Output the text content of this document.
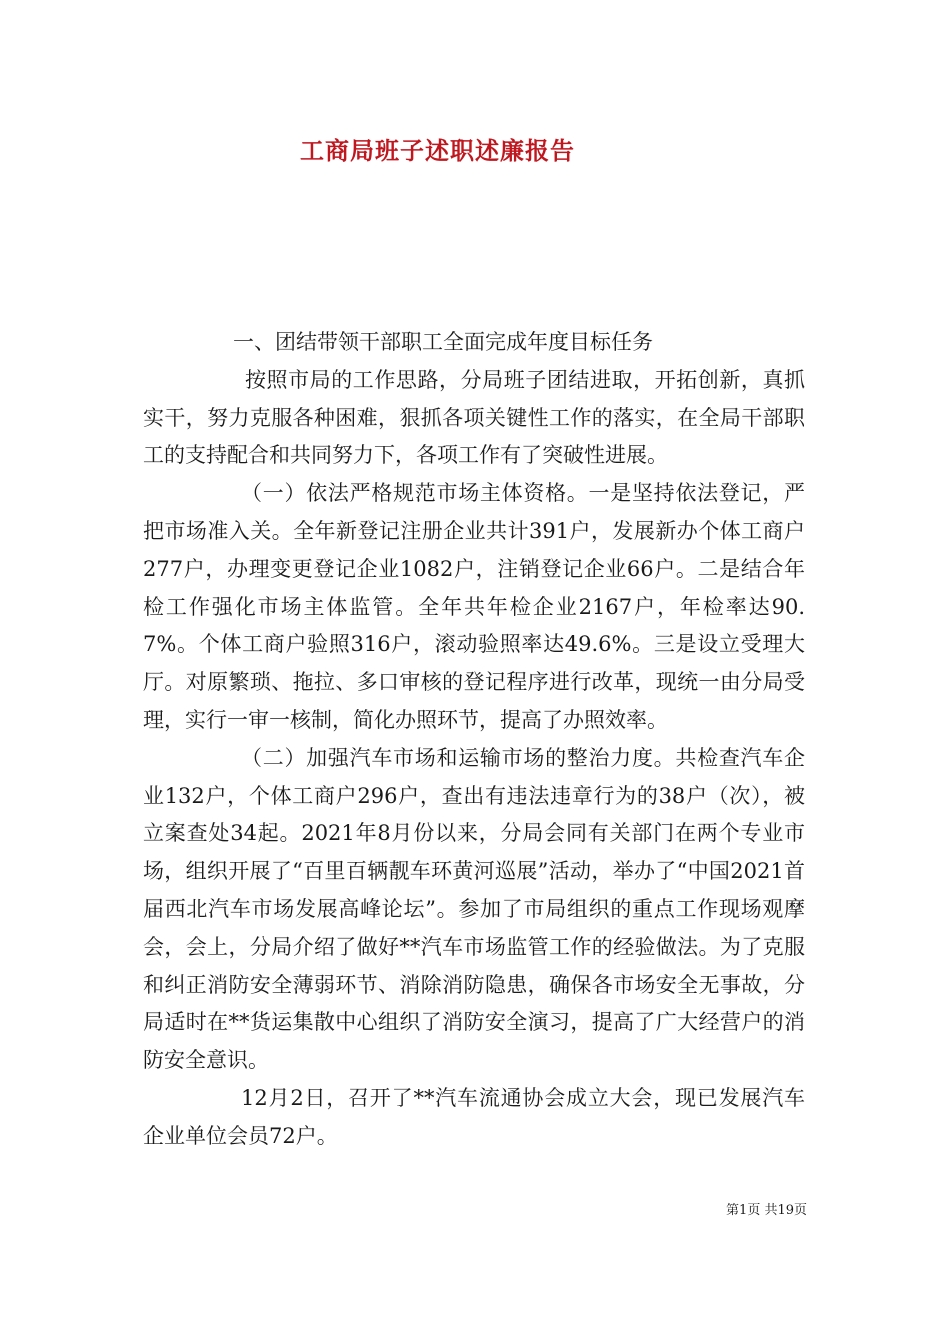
工商局班子述职述廉报告

一、团结带领干部职工全面完成年度目标任务

按照市局的工作思路，分局班子团结进取，开拓创新，真抓实干，努力克服各种困难，狠抓各项关键性工作的落实，在全局干部职工的支持配合和共同努力下，各项工作有了突破性进展。

（一）依法严格规范市场主体资格。一是坚持依法登记，严把市场准入关。全年新登记注册企业共计391户，发展新办个体工商户277户，办理变更登记企业1082户，注销登记企业66户。二是结合年检工作强化市场主体监管。全年共年检企业2167户，年检率达90.7%。个体工商户验照316户，滚动验照率达49.6%。三是设立受理大厅。对原繁琐、拖拉、多口审核的登记程序进行改革，现统一由分局受理，实行一审一核制，简化办照环节，提高了办照效率。

（二）加强汽车市场和运输市场的整治力度。共检查汽车企业132户，个体工商户296户，查出有违法违章行为的38户（次），被立案查处34起。2021年8月份以来，分局会同有关部门在两个专业市场，组织开展了“百里百辆靓车环黄河巡展”活动，举办了“中国2021首届西北汽车市场发展高峰论坛”。参加了市局组织的重点工作现场观摩会，会上，分局介绍了做好**汽车市场监管工作的经验做法。为了克服和纠正消防安全薄弱环节、消除消防隐患，确保各市场安全无事故，分局适时在**货运集散中心组织了消防安全演习，提高了广大经营户的消防安全意识。

12月2日，召开了**汽车流通协会成立大会，现已发展汽车企业单位会员72户。

第1页 共19页
